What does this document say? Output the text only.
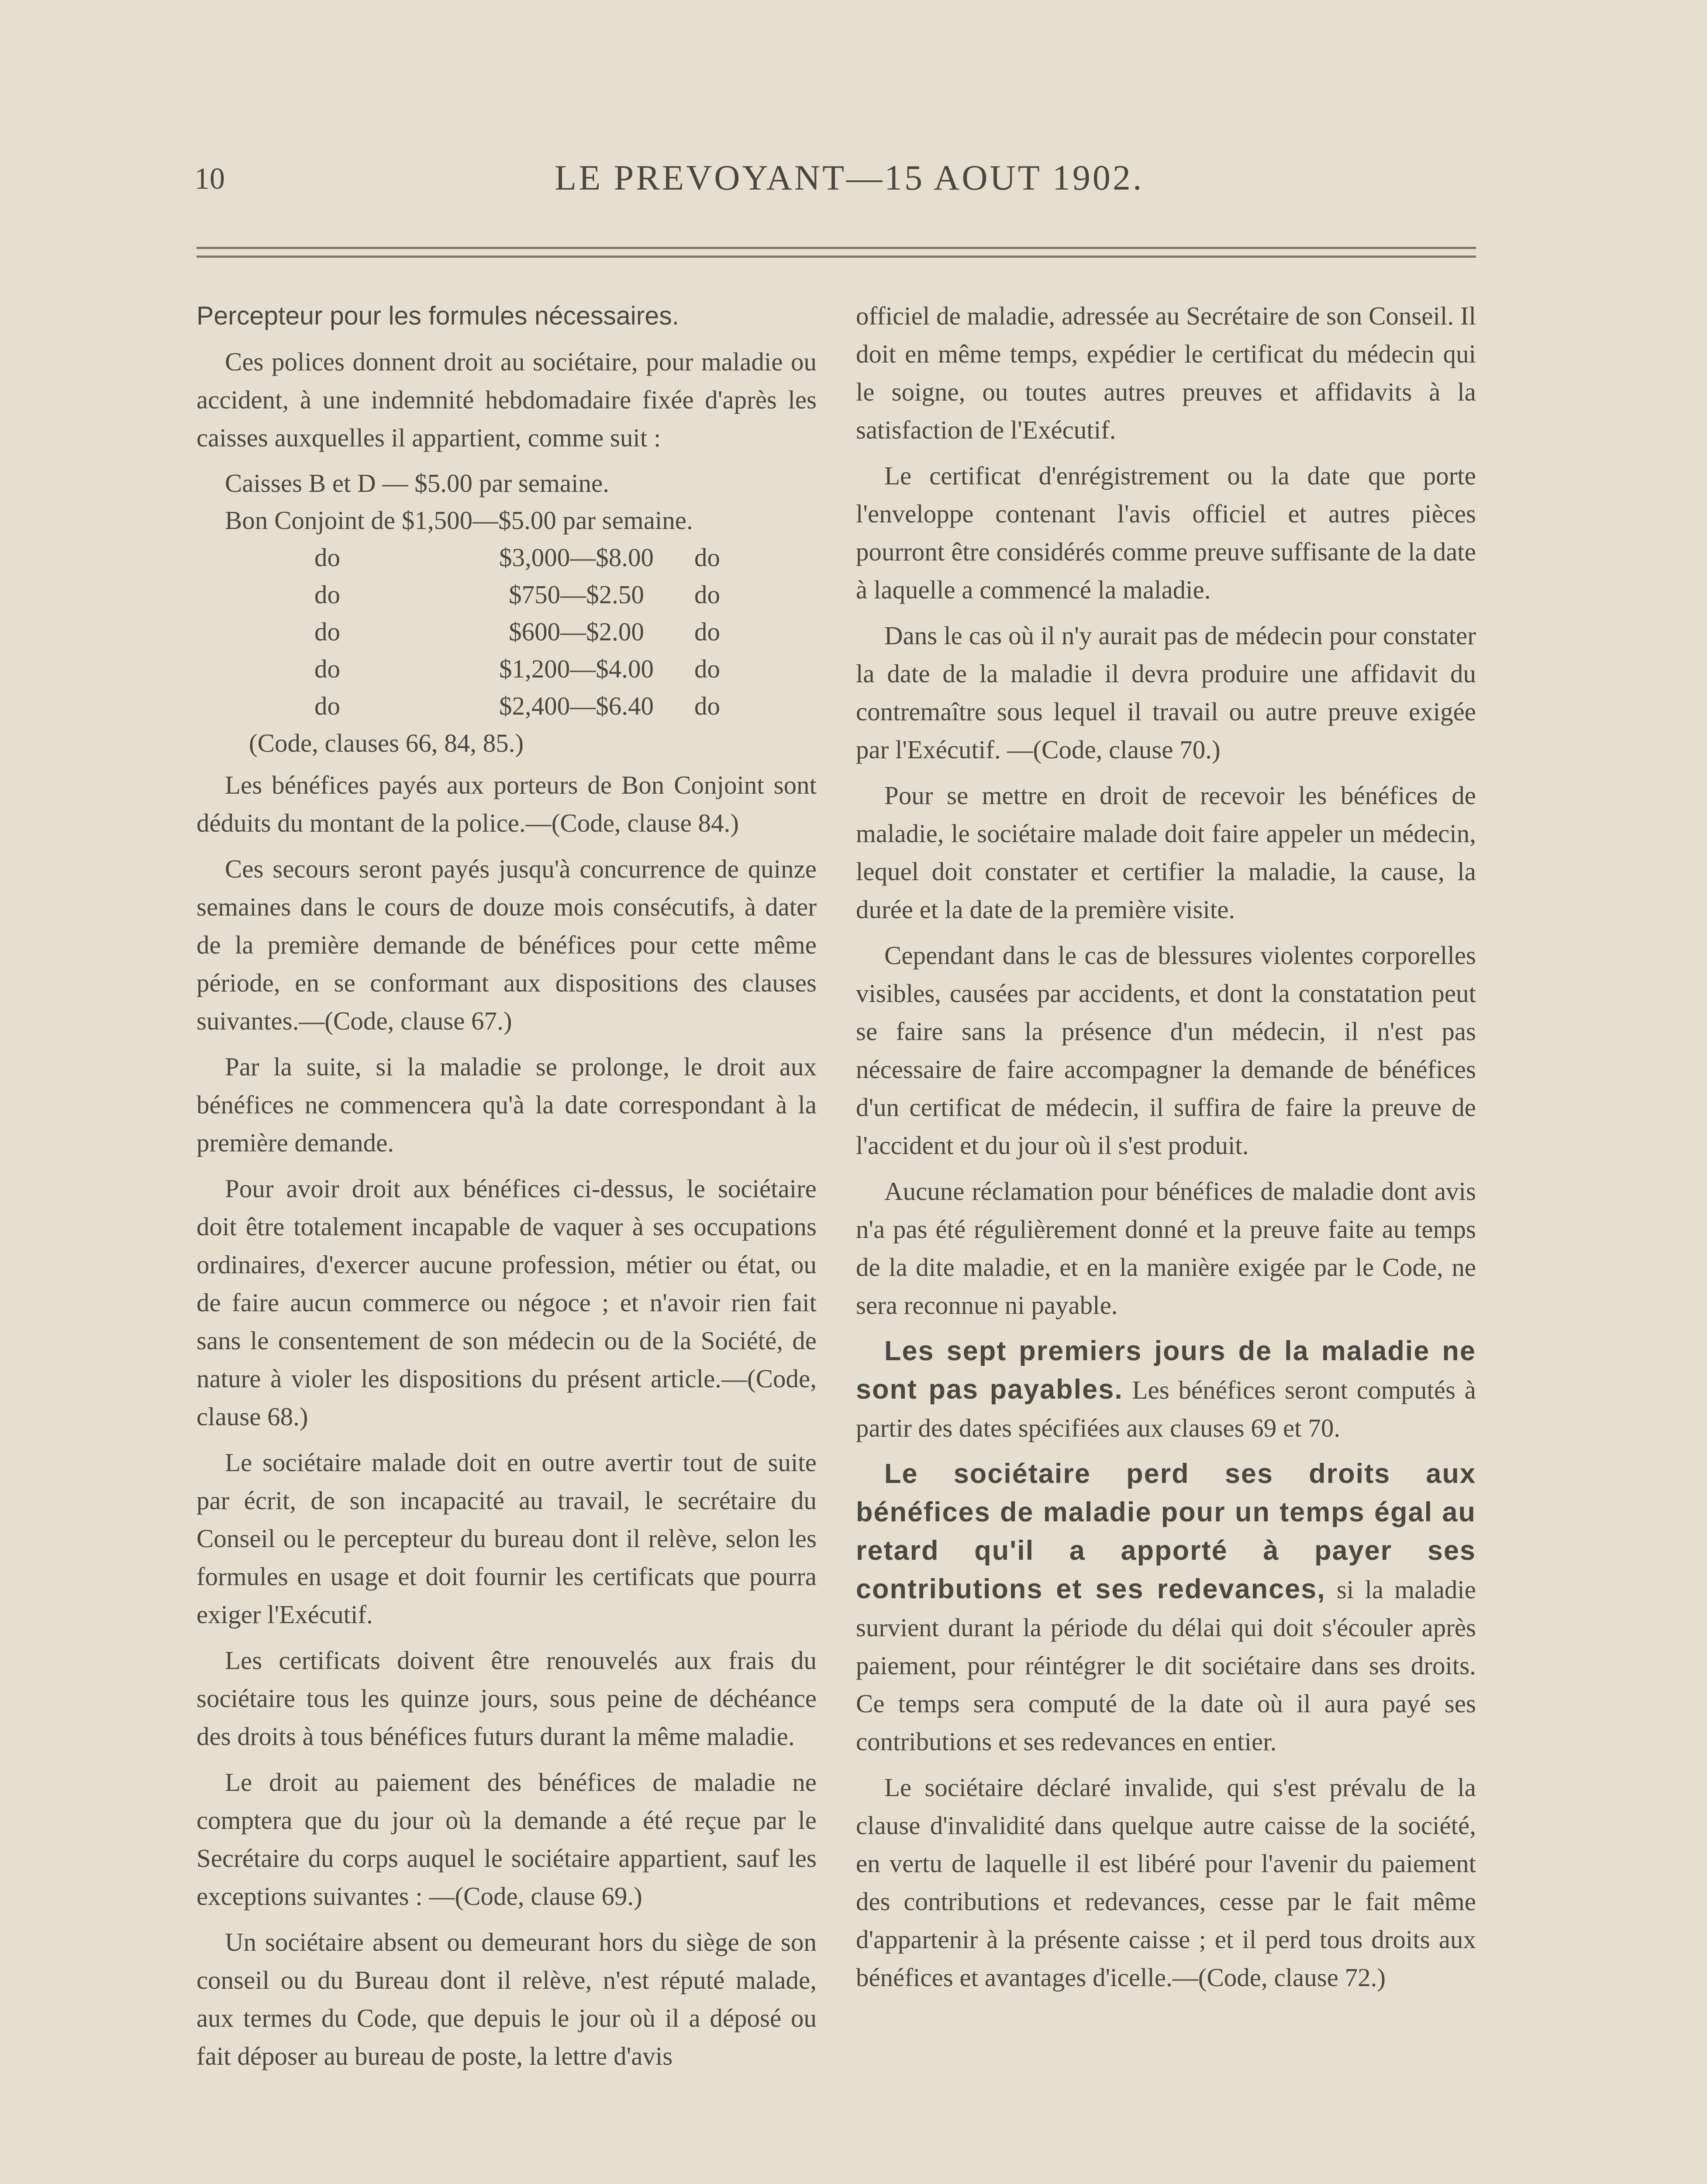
10	LE PREVOYANT—15 AOUT 1902.

Percepteur pour les formules nécessaires.

Ces polices donnent droit au sociétaire, pour maladie ou accident, à une indemnité hebdomadaire fixée d'après les caisses auxquelles il appartient, comme suit :

Caisses B et D — $5.00 par semaine.
Bon Conjoint de $1,500—$5.00 par semaine.
do	$3,000—$8.00	do
do	$750—$2.50	do
do	$600—$2.00	do
do	$1,200—$4.00	do
do	$2,400—$6.40	do
(Code, clauses 66, 84, 85.)

Les bénéfices payés aux porteurs de Bon Conjoint sont déduits du montant de la police.—(Code, clause 84.)

Ces secours seront payés jusqu'à concurrence de quinze semaines dans le cours de douze mois consécutifs, à dater de la première demande de bénéfices pour cette même période, en se conformant aux dispositions des clauses suivantes.—(Code, clause 67.)

Par la suite, si la maladie se prolonge, le droit aux bénéfices ne commencera qu'à la date correspondant à la première demande.

Pour avoir droit aux bénéfices ci-dessus, le sociétaire doit être totalement incapable de vaquer à ses occupations ordinaires, d'exercer aucune profession, métier ou état, ou de faire aucun commerce ou négoce ; et n'avoir rien fait sans le consentement de son médecin ou de la Société, de nature à violer les dispositions du présent article.—(Code, clause 68.)

Le sociétaire malade doit en outre avertir tout de suite par écrit, de son incapacité au travail, le secrétaire du Conseil ou le percepteur du bureau dont il relève, selon les formules en usage et doit fournir les certificats que pourra exiger l'Exécutif.

Les certificats doivent être renouvelés aux frais du sociétaire tous les quinze jours, sous peine de déchéance des droits à tous bénéfices futurs durant la même maladie.

Le droit au paiement des bénéfices de maladie ne comptera que du jour où la demande a été reçue par le Secrétaire du corps auquel le sociétaire appartient, sauf les exceptions suivantes : —(Code, clause 69.)

Un sociétaire absent ou demeurant hors du siège de son conseil ou du Bureau dont il relève, n'est réputé malade, aux termes du Code, que depuis le jour où il a déposé ou fait déposer au bureau de poste, la lettre d'avis

officiel de maladie, adressée au Secrétaire de son Conseil. Il doit en même temps, expédier le certificat du médecin qui le soigne, ou toutes autres preuves et affidavits à la satisfaction de l'Exécutif.

Le certificat d'enrégistrement ou la date que porte l'enveloppe contenant l'avis officiel et autres pièces pourront être considérés comme preuve suffisante de la date à laquelle a commencé la maladie.

Dans le cas où il n'y aurait pas de médecin pour constater la date de la maladie il devra produire une affidavit du contremaître sous lequel il travail ou autre preuve exigée par l'Exécutif. —(Code, clause 70.)

Pour se mettre en droit de recevoir les bénéfices de maladie, le sociétaire malade doit faire appeler un médecin, lequel doit constater et certifier la maladie, la cause, la durée et la date de la première visite.

Cependant dans le cas de blessures violentes corporelles visibles, causées par accidents, et dont la constatation peut se faire sans la présence d'un médecin, il n'est pas nécessaire de faire accompagner la demande de bénéfices d'un certificat de médecin, il suffira de faire la preuve de l'accident et du jour où il s'est produit.

Aucune réclamation pour bénéfices de maladie dont avis n'a pas été régulièrement donné et la preuve faite au temps de la dite maladie, et en la manière exigée par le Code, ne sera reconnue ni payable.

Les sept premiers jours de la maladie ne sont pas payables. Les bénéfices seront computés à partir des dates spécifiées aux clauses 69 et 70.

Le sociétaire perd ses droits aux bénéfices de maladie pour un temps égal au retard qu'il a apporté à payer ses contributions et ses redevances, si la maladie survient durant la période du délai qui doit s'écouler après paiement, pour réintégrer le dit sociétaire dans ses droits. Ce temps sera computé de la date où il aura payé ses contributions et ses redevances en entier.

Le sociétaire déclaré invalide, qui s'est prévalu de la clause d'invalidité dans quelque autre caisse de la société, en vertu de laquelle il est libéré pour l'avenir du paiement des contributions et redevances, cesse par le fait même d'appartenir à la présente caisse ; et il perd tous droits aux bénéfices et avantages d'icelle.—(Code, clause 72.)
